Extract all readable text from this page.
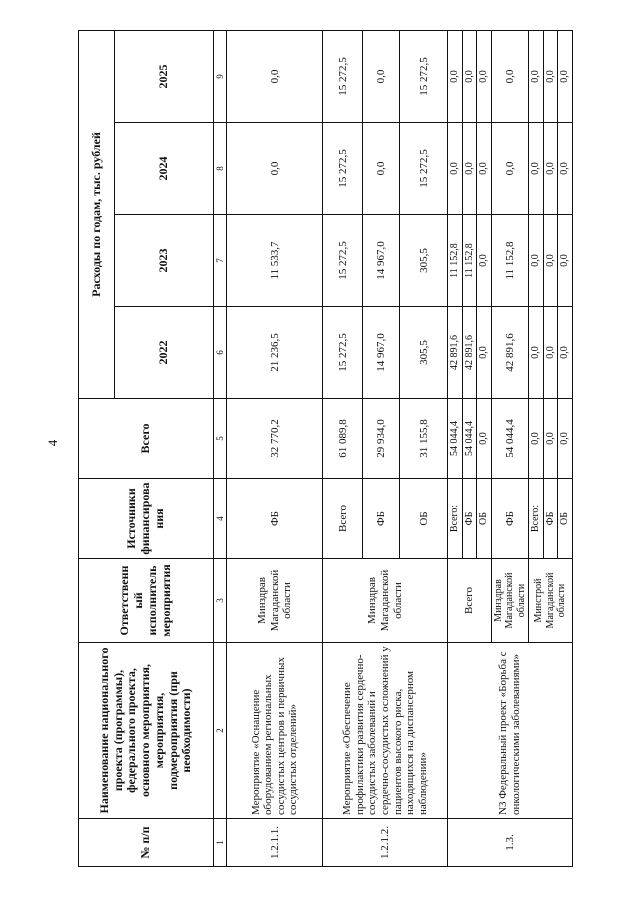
4
№ п/п	Наименование национального проекта (программы), федерального проекта, основного мероприятия, мероприятия, подмероприятия (при необходимости)	Ответственный исполнитель мероприятия	Источники финансирования	Всего	Расходы по годам, тыс. рублей			
					2022	2023	2024	2025
1	2	3	4	5	6	7	8	9
1.2.1.1.	Мероприятие «Оснащение оборудованием региональных сосудистых центров и первичных сосудистых отделений»	Минздрав Магаданской области	ФБ	32 770,2	21 236,5	11 533,7	0,0	0,0
1.2.1.2.	Мероприятие «Обеспечение профилактики развития сердечно-сосудистых заболеваний и сердечно-сосудистых осложнений у пациентов высокого риска, находящихся на диспансерном наблюдении»	Минздрав Магаданской области	Всего	61 089,8	15 272,5	15 272,5	15 272,5	15 272,5
			ФБ	29 934,0	14 967,0	14 967,0	0,0	0,0
			ОБ	31 155,8	305,5	305,5	15 272,5	15 272,5
1.3.	N3 Федеральный проект «Борьба с онкологическими заболеваниями»	Всего	Всего:	54 044,4	42 891,6	11 152,8	0,0	0,0
			ФБ	54 044,4	42 891,6	11 152,8	0,0	0,0
			ОБ	0,0	0,0	0,0	0,0	0,0
		Минздрав Магаданской области	ФБ	54 044,4	42 891,6	11 152,8	0,0	0,0
		Минстрой Магаданской области	Всего:	0,0	0,0	0,0	0,0	0,0
			ФБ	0,0	0,0	0,0	0,0	0,0
			ОБ	0,0	0,0	0,0	0,0	0,0
